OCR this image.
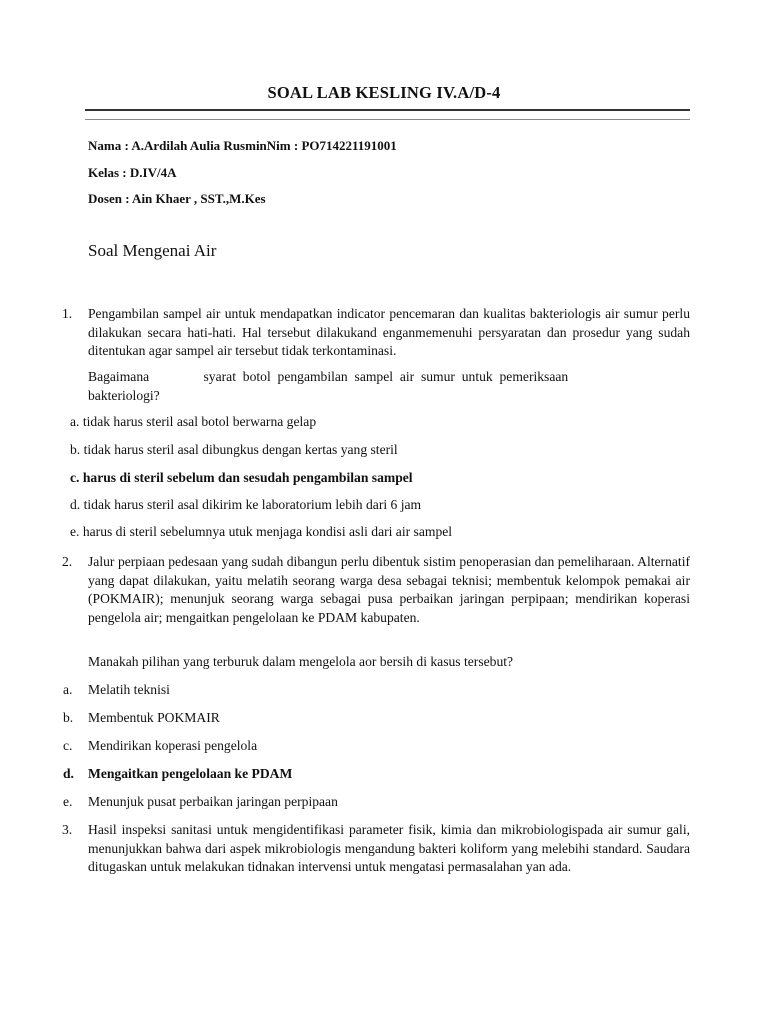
SOAL LAB KESLING IV.A/D-4
Nama : A.Ardilah Aulia RusminNim : PO714221191001
Kelas : D.IV/4A
Dosen : Ain Khaer , SST.,M.Kes
Soal Mengenai Air
1. Pengambilan sampel air untuk mendapatkan indicator pencemaran dan kualitas bakteriologis air sumur perlu dilakukan secara hati-hati. Hal tersebut dilakukand enganmemenuhi persyaratan dan prosedur yang sudah ditentukan agar sampel air tersebut tidak terkontaminasi.
Bagaimana                syarat  botol  pengambilan  sampel  air  sumur  untuk  pemeriksaan
bakteriologi?
a. tidak harus steril asal botol berwarna gelap
b. tidak harus steril asal dibungkus dengan kertas yang steril
c. harus di steril sebelum dan sesudah pengambilan sampel
d. tidak harus steril asal dikirim ke laboratorium lebih dari 6 jam
e. harus di steril sebelumnya utuk menjaga kondisi asli dari air sampel
2. Jalur perpiaan pedesaan yang sudah dibangun perlu dibentuk sistim penoperasian dan pemeliharaan. Alternatif yang dapat dilakukan, yaitu melatih seorang warga desa sebagai teknisi; membentuk kelompok pemakai air (POKMAIR); menunjuk seorang warga sebagai pusa perbaikan jaringan perpipaan; mendirikan koperasi pengelola air; mengaitkan pengelolaan ke PDAM kabupaten.
Manakah pilihan yang terburuk dalam mengelola aor bersih di kasus tersebut?
a. Melatih teknisi
b. Membentuk POKMAIR
c. Mendirikan koperasi pengelola
d. Mengaitkan pengelolaan ke PDAM
e. Menunjuk pusat perbaikan jaringan perpipaan
3. Hasil inspeksi sanitasi untuk mengidentifikasi parameter fisik, kimia dan mikrobiologispada air sumur gali, menunjukkan bahwa dari aspek mikrobiologis mengandung bakteri koliform yang melebihi standard. Saudara ditugaskan untuk melakukan tidnakan intervensi untuk mengatasi permasalahan yan ada.
